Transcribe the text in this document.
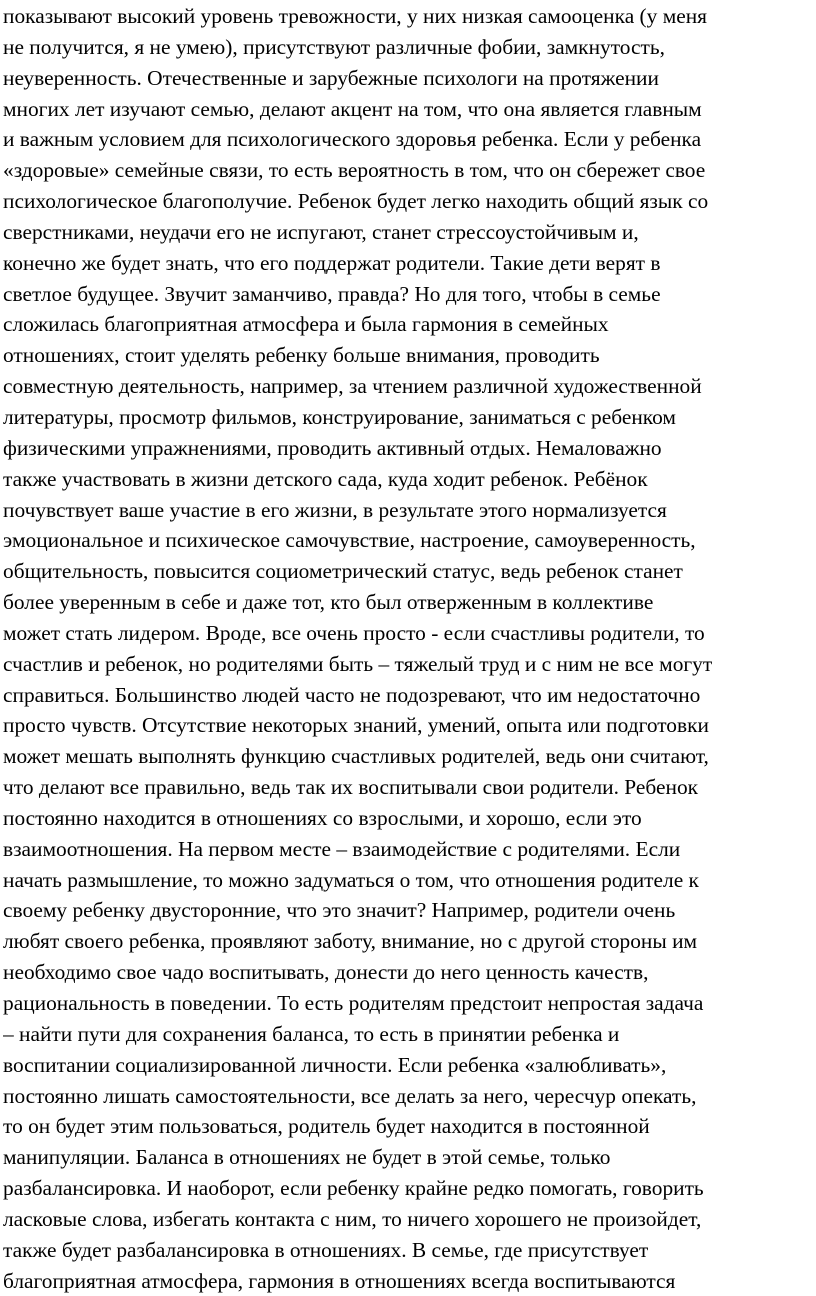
показывают высокий уровень тревожности, у них низкая самооценка (у меня
не получится, я не умею), присутствуют различные фобии, замкнутость,
неуверенность. Отечественные и зарубежные психологи на протяжении
многих лет изучают семью, делают акцент на том, что она является главным
и важным условием для психологического здоровья ребенка. Если у ребенка
«здоровые» семейные связи, то есть вероятность в том, что он сбережет свое
психологическое благополучие. Ребенок будет легко находить общий язык со
сверстниками, неудачи его не испугают, станет стрессоустойчивым и,
конечно же будет знать, что его поддержат родители. Такие дети верят в
светлое будущее. Звучит заманчиво, правда? Но для того, чтобы в семье
сложилась благоприятная атмосфера и была гармония в семейных
отношениях, стоит уделять ребенку больше внимания, проводить
совместную деятельность, например, за чтением различной художественной
литературы, просмотр фильмов, конструирование, заниматься с ребенком
физическими упражнениями, проводить активный отдых. Немаловажно
также участвовать в жизни детского сада, куда ходит ребенок. Ребёнок
почувствует ваше участие в его жизни, в результате этого нормализуется
эмоциональное и психическое самочувствие, настроение, самоуверенность,
общительность, повысится социометрический статус, ведь ребенок станет
более уверенным в себе и даже тот, кто был отверженным в коллективе
может стать лидером. Вроде, все очень просто - если счастливы родители, то
счастлив и ребенок, но родителями быть – тяжелый труд и с ним не все могут
справиться. Большинство людей часто не подозревают, что им недостаточно
просто чувств. Отсутствие некоторых знаний, умений, опыта или подготовки
может мешать выполнять функцию счастливых родителей, ведь они считают,
что делают все правильно, ведь так их воспитывали свои родители. Ребенок
постоянно находится в отношениях со взрослыми, и хорошо, если это
взаимоотношения. На первом месте – взаимодействие с родителями. Если
начать размышление, то можно задуматься о том, что отношения родителе к
своему ребенку двусторонние, что это значит? Например, родители очень
любят своего ребенка, проявляют заботу, внимание, но с другой стороны им
необходимо свое чадо воспитывать, донести до него ценность качеств,
рациональность в поведении. То есть родителям предстоит непростая задача
– найти пути для сохранения баланса, то есть в принятии ребенка и
воспитании социализированной личности. Если ребенка «залюбливать»,
постоянно лишать самостоятельности, все делать за него, чересчур опекать,
то он будет этим пользоваться, родитель будет находится в постоянной
манипуляции. Баланса в отношениях не будет в этой семье, только
разбалансировка. И наоборот, если ребенку крайне редко помогать, говорить
ласковые слова, избегать контакта с ним, то ничего хорошего не произойдет,
также будет разбалансировка в отношениях. В семье, где присутствует
благоприятная атмосфера, гармония в отношениях всегда воспитываются
